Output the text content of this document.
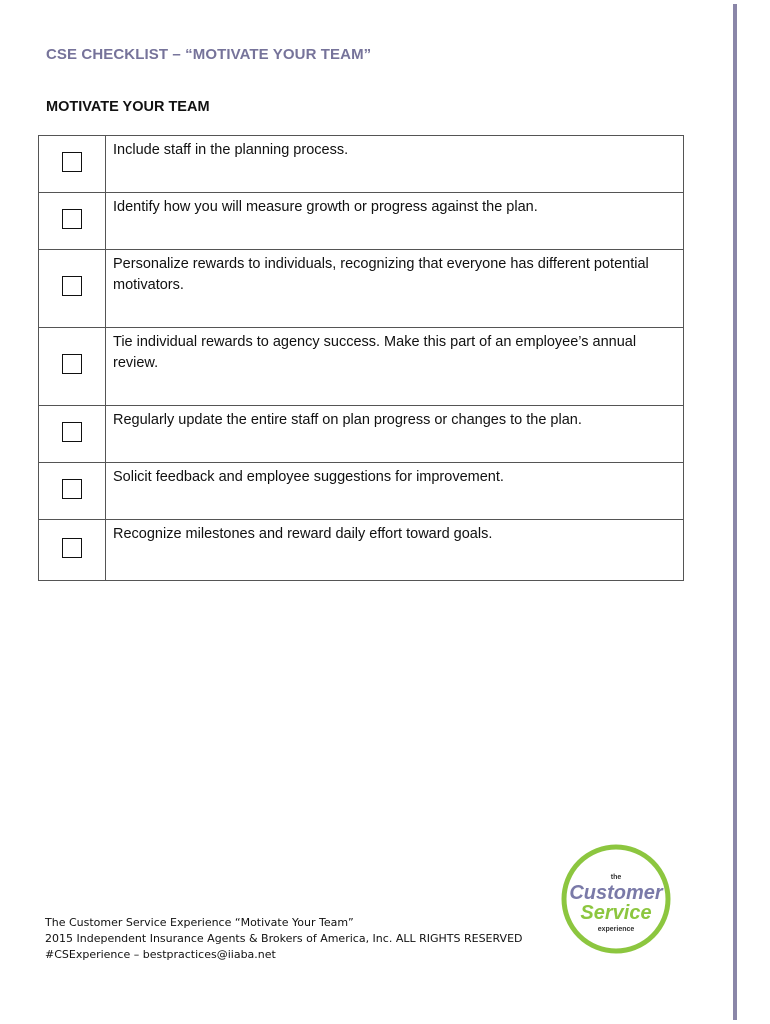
CSE CHECKLIST – “MOTIVATE YOUR TEAM”
MOTIVATE YOUR TEAM
	Include staff in the planning process.
	Identify how you will measure growth or progress against the plan.
	Personalize rewards to individuals, recognizing that everyone has different potential motivators.
	Tie individual rewards to agency success. Make this part of an employee’s annual review.
	Regularly update the entire staff on plan progress or changes to the plan.
	Solicit feedback and employee suggestions for improvement.
	Recognize milestones and reward daily effort toward goals.
The Customer Service Experience “Motivate Your Team”
2015 Independent Insurance Agents & Brokers of America, Inc. ALL RIGHTS RESERVED
#CSExperience – bestpractices@iiaba.net
the
Customer
Service
experience
